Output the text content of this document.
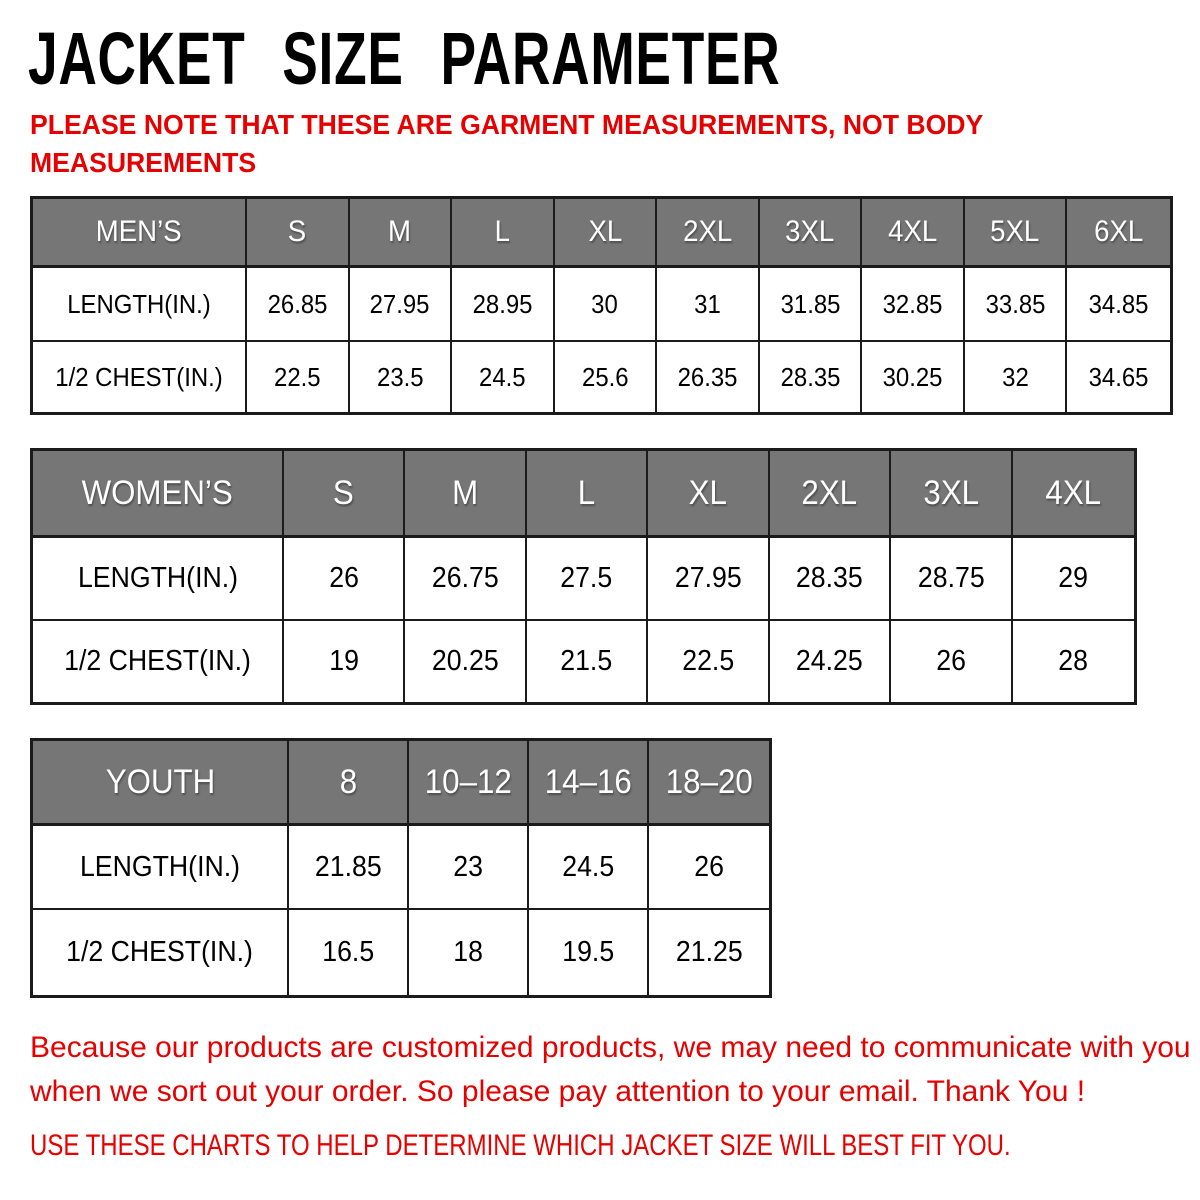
JACKET SIZE PARAMETER
PLEASE NOTE THAT THESE ARE GARMENT MEASUREMENTS, NOT BODY
MEASUREMENTS
MEN’S	S	M	L	XL 2XL 3XL 4XL 5XL 6XL
LENGTH(IN.) 26.85 27.95 28.95 30	31 31.85 32.85 33.85 34.85
1/2 CHEST(IN.) 22.5 23.5 24.5 25.6 26.35 28.35 30.25 32 34.65
WOMEN’S	S	M	L	XL 2XL 3XL 4XL
LENGTH(IN.)	26	26.75 27.5 27.95 28.35 28.75	29
1/2 CHEST(IN.)	19	20.25 21.5 22.5 24.25	26	28
YOUTH	8 10–12 14–16 18–20
LENGTH(IN.)	21.85 23	24.5	26
1/2 CHEST(IN.) 16.5	18	19.5 21.25
Because our products are customized products, we may need to communicate with you
when we sort out your order. So please pay attention to your email. Thank You !
USE THESE CHARTS TO HELP DETERMINE WHICH JACKET SIZE WILL BEST FIT YOU.
